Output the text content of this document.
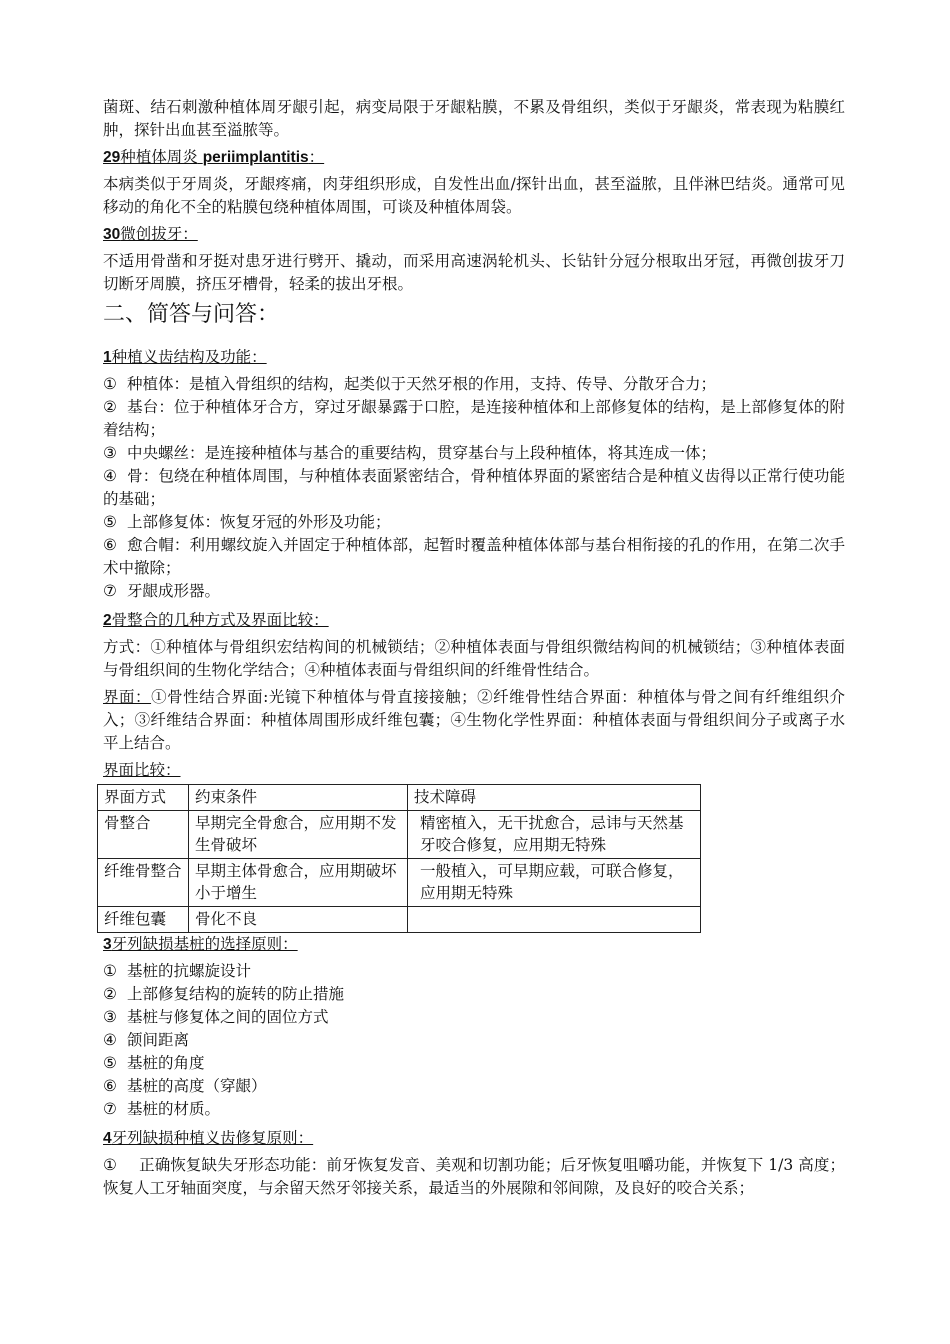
菌斑、结石刺激种植体周牙龈引起，病变局限于牙龈粘膜，不累及骨组织，类似于牙龈炎，常表现为粘膜红肿，探针出血甚至溢脓等。

29种植体周炎 periimplantitis：

本病类似于牙周炎，牙龈疼痛，肉芽组织形成，自发性出血/探针出血，甚至溢脓，且伴淋巴结炎。通常可见移动的角化不全的粘膜包绕种植体周围，可谈及种植体周袋。

30微创拔牙：

不适用骨凿和牙挺对患牙进行劈开、撬动，而采用高速涡轮机头、长钻针分冠分根取出牙冠，再微创拔牙刀切断牙周膜，挤压牙槽骨，轻柔的拔出牙根。

二、简答与问答：

1种植义齿结构及功能：

① 种植体：是植入骨组织的结构，起类似于天然牙根的作用，支持、传导、分散牙合力；

② 基台：位于种植体牙合方，穿过牙龈暴露于口腔，是连接种植体和上部修复体的结构，是上部修复体的附着结构；

③ 中央螺丝：是连接种植体与基合的重要结构，贯穿基台与上段种植体，将其连成一体；

④ 骨：包绕在种植体周围，与种植体表面紧密结合，骨种植体界面的紧密结合是种植义齿得以正常行使功能的基础；

⑤ 上部修复体：恢复牙冠的外形及功能；

⑥ 愈合帽：利用螺纹旋入并固定于种植体部，起暂时覆盖种植体体部与基台相衔接的孔的作用，在第二次手术中撤除；

⑦ 牙龈成形器。

2骨整合的几种方式及界面比较：

方式：①种植体与骨组织宏结构间的机械锁结；②种植体表面与骨组织微结构间的机械锁结；③种植体表面与骨组织间的生物化学结合；④种植体表面与骨组织间的纤维骨性结合。

界面：①骨性结合界面:光镜下种植体与骨直接接触；②纤维骨性结合界面：种植体与骨之间有纤维组织介入；③纤维结合界面：种植体周围形成纤维包囊；④生物化学性界面：种植体表面与骨组织间分子或离子水平上结合。

界面比较：

界面方式	约束条件	技术障碍
骨整合	早期完全骨愈合，应用期不发生骨破坏	精密植入，无干扰愈合，忌讳与天然基牙咬合修复，应用期无特殊
纤维骨整合	早期主体骨愈合，应用期破坏小于增生	一般植入，可早期应载，可联合修复，应用期无特殊
纤维包囊	骨化不良	

3牙列缺损基桩的选择原则：

① 基桩的抗螺旋设计

② 上部修复结构的旋转的防止措施

③ 基桩与修复体之间的固位方式

④ 颌间距离

⑤ 基桩的角度

⑥ 基桩的高度（穿龈）

⑦ 基桩的材质。

4牙列缺损种植义齿修复原则：

① 正确恢复缺失牙形态功能：前牙恢复发音、美观和切割功能；后牙恢复咀嚼功能，并恢复下 1/3 高度；恢复人工牙轴面突度，与余留天然牙邻接关系，最适当的外展隙和邻间隙，及良好的咬合关系；
